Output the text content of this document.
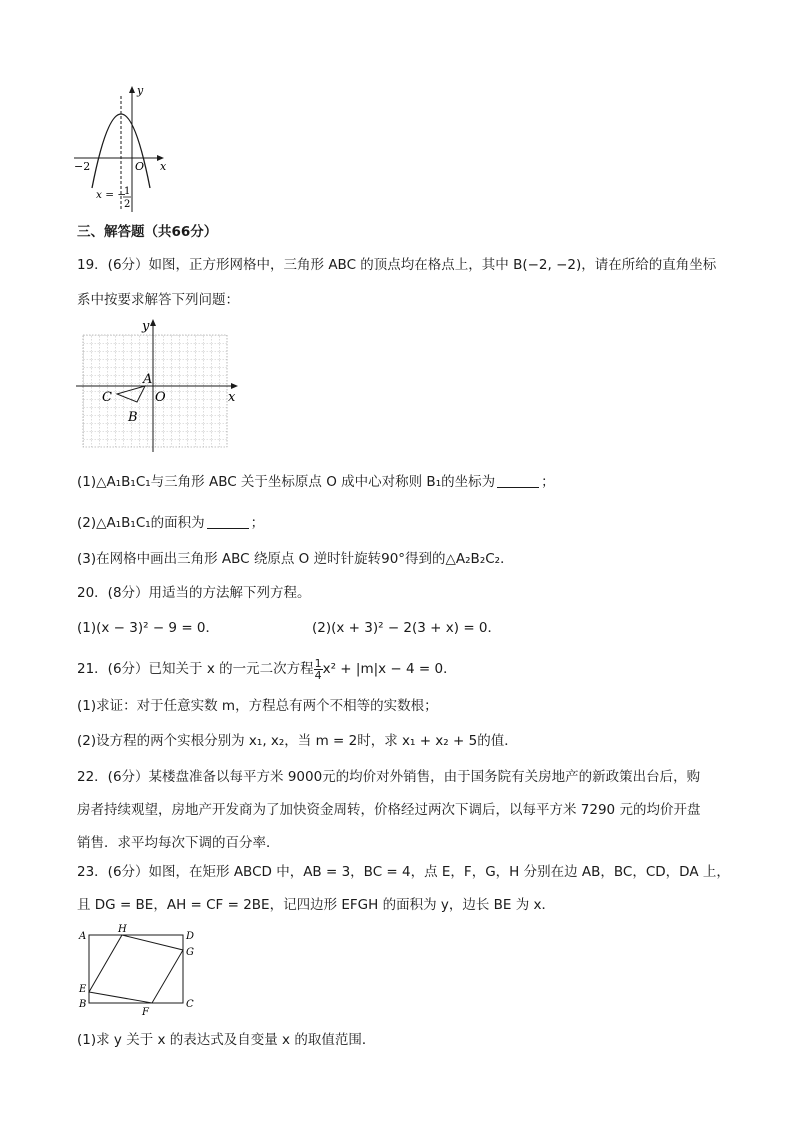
y
x
O
−2
x = −
1
2
三、解答题（共66分）
19．(6分）如图，正方形网格中，三角形 ABC 的顶点均在格点上，其中 B(−2, −2)，请在所给的直角坐标
系中按要求解答下列问题：
y
x
A
C
B
O
(1)△A₁B₁C₁与三角形 ABC 关于坐标原点 O 成中心对称则 B₁的坐标为	；
(2)△A₁B₁C₁的面积为	；
(3)在网格中画出三角形 ABC 绕原点 O 逆时针旋转90°得到的△A₂B₂C₂．
20．(8分）用适当的方法解下列方程。
(1)(x − 3)² − 9 = 0．	(2)(x + 3)² − 2(3 + x) = 0．
21．(6分）已知关于 x 的一元二次方程 $\frac{1}{4} x^2 + |m|x - 4 = 0$．
(1)求证：对于任意实数 m，方程总有两个不相等的实数根；
(2)设方程的两个实根分别为 x₁, x₂，当 m = 2时，求 x₁ + x₂ + 5的值．
22．(6分）某楼盘准备以每平方米 9000元的均价对外销售，由于国务院有关房地产的新政策出台后，购
房者持续观望，房地产开发商为了加快资金周转，价格经过两次下调后，以每平方米 7290 元的均价开盘
销售．求平均每次下调的百分率．
23．(6分）如图，在矩形 ABCD 中，AB = 3，BC = 4，点 E，F，G，H 分别在边 AB，BC，CD，DA 上，
且 DG = BE，AH = CF = 2BE，记四边形 EFGH 的面积为 y，边长 BE 为 x．
A
H
D
G
E
B
F
C
(1)求 y 关于 x 的表达式及自变量 x 的取值范围．
